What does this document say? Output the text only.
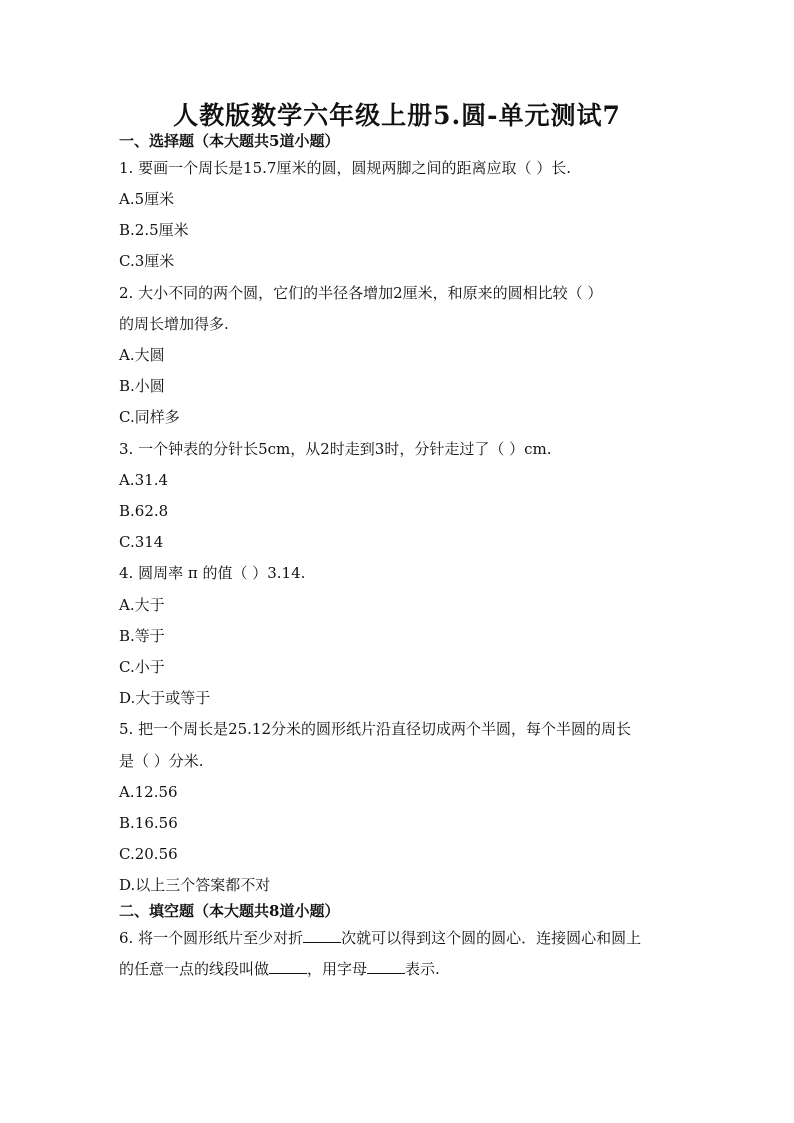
人教版数学六年级上册5.圆-单元测试7
一、选择题（本大题共5道小题）
1. 要画一个周长是15.7厘米的圆，圆规两脚之间的距离应取（ ）长.
A.5厘米
B.2.5厘米
C.3厘米
2. 大小不同的两个圆，它们的半径各增加2厘米，和原来的圆相比较（ ）
的周长增加得多.
A.大圆
B.小圆
C.同样多
3. 一个钟表的分针长5cm，从2时走到3时，分针走过了（ ）cm.
A.31.4
B.62.8
C.314
4. 圆周率 π 的值（ ）3.14.
A.大于
B.等于
C.小于
D.大于或等于
5. 把一个周长是25.12分米的圆形纸片沿直径切成两个半圆，每个半圆的周长
是（ ）分米.
A.12.56
B.16.56
C.20.56
D.以上三个答案都不对
二、填空题（本大题共8道小题）
6. 将一个圆形纸片至少对折	次就可以得到这个圆的圆心．连接圆心和圆上
的任意一点的线段叫做	，用字母	表示.
